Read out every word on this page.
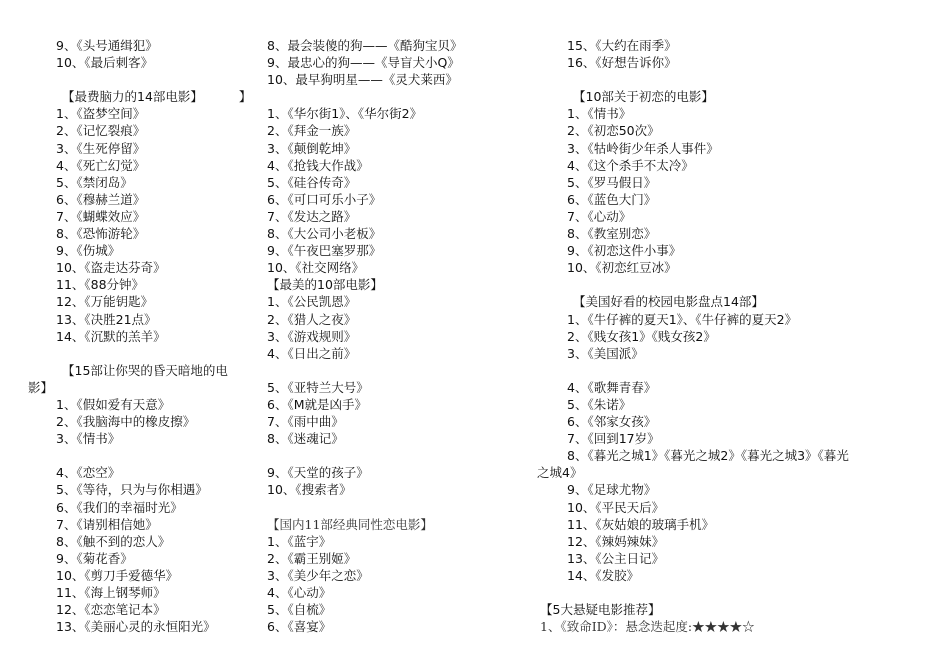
9、《头号通缉犯》
10、《最后刺客》
【最费脑力的14部电影】	】
1、《盗梦空间》
2、《记忆裂痕》
3、《生死停留》
4、《死亡幻觉》
5、《禁闭岛》
6、《穆赫兰道》
7、《蝴蝶效应》
8、《恐怖游轮》
9、《伤城》
10、《盗走达芬奇》
11、《88分钟》
12、《万能钥匙》
13、《决胜21点》
14、《沉默的羔羊》
【15部让你哭的昏天暗地的电
影】
1、《假如爱有天意》
2、《我脑海中的橡皮擦》
3、《情书》
4、《恋空》
5、《等待，只为与你相遇》
6、《我们的幸福时光》
7、《请别相信她》
8、《触不到的恋人》
9、《菊花香》
10、《剪刀手爱德华》
11、《海上钢琴师》
12、《恋恋笔记本》
13、《美丽心灵的永恒阳光》
8、最会装傻的狗——《酷狗宝贝》
9、最忠心的狗——《导盲犬小Q》
10、最早狗明星——《灵犬莱西》
1、《华尔街1》、《华尔街2》
2、《拜金一族》
3、《颠倒乾坤》
4、《抢钱大作战》
5、《硅谷传奇》
6、《可口可乐小子》
7、《发达之路》
8、《大公司小老板》
9、《午夜巴塞罗那》
10、《社交网络》
【最美的10部电影】
1、《公民凯恩》
2、《猎人之夜》
3、《游戏规则》
4、《日出之前》
5、《亚特兰大号》
6、《M就是凶手》
7、《雨中曲》
8、《迷魂记》
9、《天堂的孩子》
10、《搜索者》
【国内11部经典同性恋电影】
1、《蓝宇》
2、《霸王别姬》
3、《美少年之恋》
4、《心动》
5、《自梳》
6、《喜宴》
15、《大约在雨季》
16、《好想告诉你》
【10部关于初恋的电影】
1、《情书》
2、《初恋50次》
3、《牯岭街少年杀人事件》
4、《这个杀手不太冷》
5、《罗马假日》
6、《蓝色大门》
7、《心动》
8、《教室别恋》
9、《初恋这件小事》
10、《初恋红豆冰》
【美国好看的校园电影盘点14部】
1、《牛仔裤的夏天1》、《牛仔裤的夏天2》
2、《贱女孩1》《贱女孩2》
3、《美国派》
4、《歌舞青春》
5、《朱诺》
6、《邻家女孩》
7、《回到17岁》
8、《暮光之城1》《暮光之城2》《暮光之城3》《暮光
之城4》
9、《足球尤物》
10、《平民天后》
11、《灰姑娘的玻璃手机》
12、《辣妈辣妹》
13、《公主日记》
14、《发胶》
【5大悬疑电影推荐】
1、《致命ID》：悬念迭起度:★★★★☆
